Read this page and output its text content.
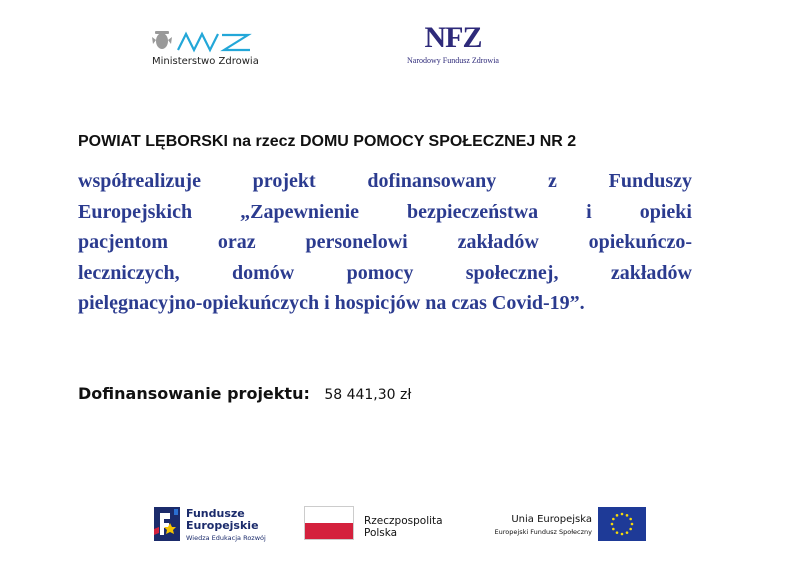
Ministerstwo Zdrowia
NFZ
Narodowy Fundusz Zdrowia
POWIAT LĘBORSKI na rzecz DOMU POMOCY SPOŁECZNEJ NR 2
współrealizuje projekt dofinansowany z Funduszy
Europejskich „Zapewnienie bezpieczeństwa i opieki
pacjentom oraz personelowi zakładów opiekuńczo-
leczniczych, domów pomocy społecznej, zakładów
pielęgnacyjno-opiekuńczych i hospicjów na czas Covid-19”.
Dofinansowanie projektu: 58 441,30 zł
Fundusze
Europejskie
Wiedza Edukacja Rozwój
Rzeczpospolita
Polska
Unia Europejska
Europejski Fundusz Społeczny
